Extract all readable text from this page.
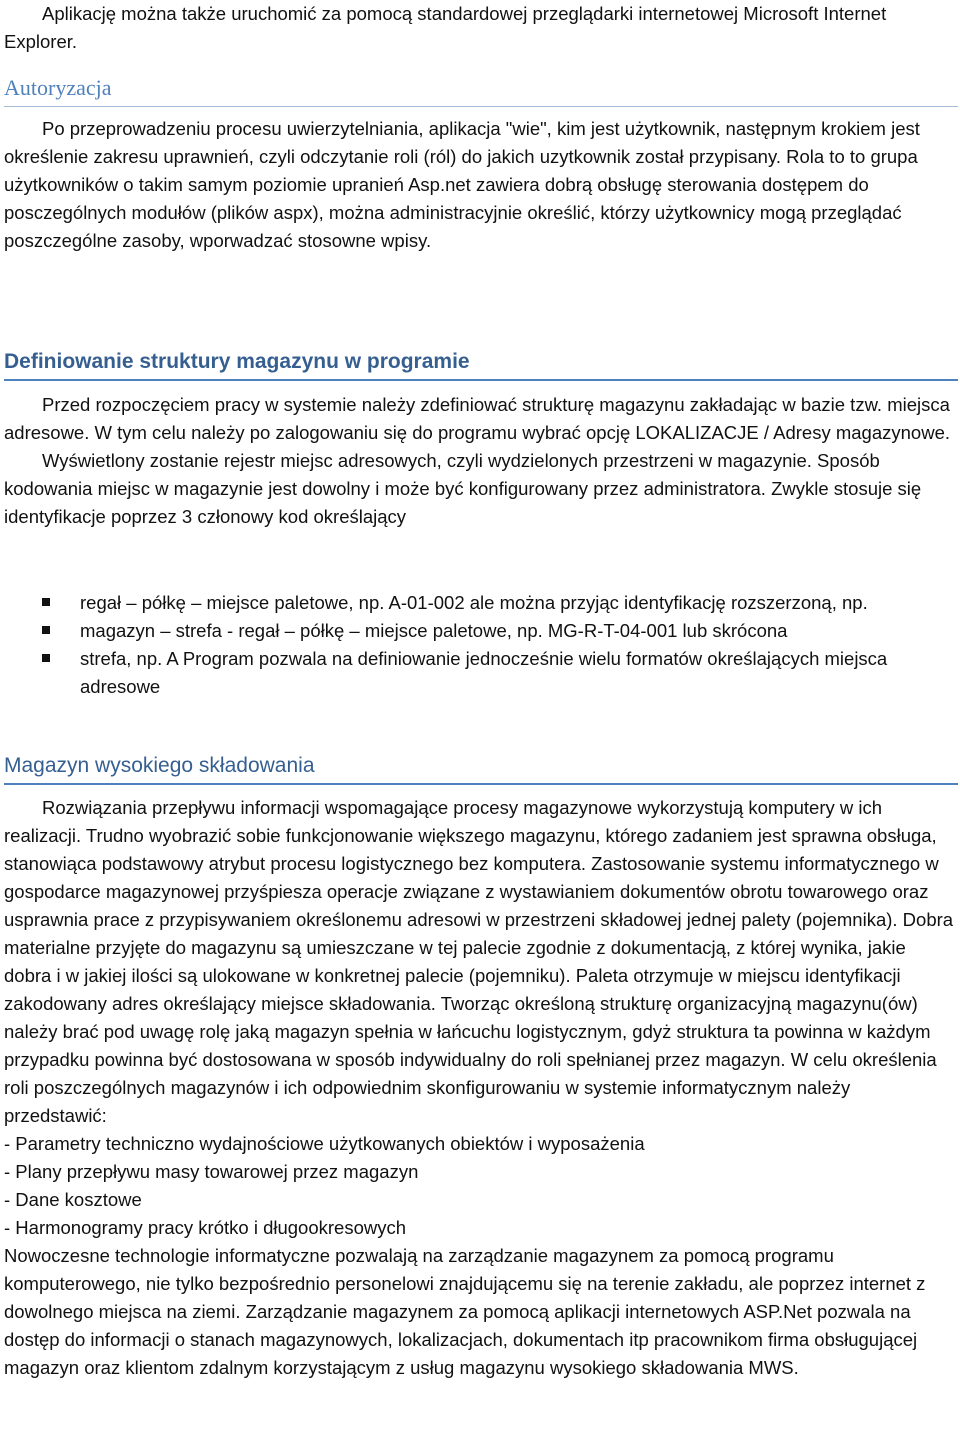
Aplikację można także uruchomić za pomocą standardowej przeglądarki internetowej Microsoft Internet Explorer.

Autoryzacja

Po przeprowadzeniu procesu uwierzytelniania, aplikacja "wie", kim jest użytkownik, następnym krokiem jest określenie zakresu uprawnień, czyli odczytanie roli (ról) do jakich uzytkownik został przypisany. Rola to to grupa użytkowników o takim samym poziomie upranień Asp.net zawiera dobrą obsługę sterowania dostępem do posczególnych modułów (plików aspx), można administracyjnie określić, którzy użytkownicy mogą przeglądać poszczególne zasoby, wporwadzać stosowne wpisy.

Definiowanie struktury magazynu w programie

Przed rozpoczęciem pracy w systemie należy zdefiniować strukturę magazynu zakładając w bazie tzw. miejsca adresowe. W tym celu należy po zalogowaniu się do programu wybrać opcję LOKALIZACJE / Adresy magazynowe.

Wyświetlony zostanie rejestr miejsc adresowych, czyli wydzielonych przestrzeni w magazynie. Sposób kodowania miejsc w magazynie jest dowolny i może być konfigurowany przez administratora. Zwykle stosuje się identyfikacje poprzez 3 członowy kod określający

regał – półkę – miejsce paletowe, np. A-01-002 ale można przyjąc identyfikację rozszerzoną, np.
magazyn – strefa - regał – półkę – miejsce paletowe, np. MG-R-T-04-001 lub skrócona
strefa, np. A Program pozwala na definiowanie jednocześnie wielu formatów określających miejsca adresowe
Magazyn wysokiego składowania

Rozwiązania przepływu informacji wspomagające procesy magazynowe wykorzystują komputery w ich realizacji. Trudno wyobrazić sobie funkcjonowanie większego magazynu, którego zadaniem jest sprawna obsługa, stanowiąca podstawowy atrybut procesu logistycznego bez komputera. Zastosowanie systemu informatycznego w gospodarce magazynowej przyśpiesza operacje związane z wystawianiem dokumentów obrotu towarowego oraz usprawnia prace z przypisywaniem określonemu adresowi w przestrzeni składowej jednej palety (pojemnika). Dobra materialne przyjęte do magazynu są umieszczane w tej palecie zgodnie z dokumentacją, z której wynika, jakie dobra i w jakiej ilości są ulokowane w konkretnej palecie (pojemniku). Paleta otrzymuje w miejscu identyfikacji zakodowany adres określający miejsce składowania. Tworząc określoną strukturę organizacyjną magazynu(ów) należy brać pod uwagę rolę jaką magazyn spełnia w łańcuchu logistycznym, gdyż struktura ta powinna w każdym przypadku powinna być dostosowana w sposób indywidualny do roli spełnianej przez magazyn. W celu określenia roli poszczególnych magazynów i ich odpowiednim skonfigurowaniu w systemie informatycznym należy przedstawić:

- Parametry techniczno wydajnościowe użytkowanych obiektów i wyposażenia

- Plany przepływu masy towarowej przez magazyn

- Dane kosztowe

- Harmonogramy pracy krótko i długookresowych

Nowoczesne technologie informatyczne pozwalają na zarządzanie magazynem za pomocą programu komputerowego, nie tylko bezpośrednio personelowi znajdującemu się na terenie zakładu, ale poprzez internet z dowolnego miejsca na ziemi. Zarządzanie magazynem za pomocą aplikacji internetowych ASP.Net pozwala na dostęp do informacji o stanach magazynowych, lokalizacjach, dokumentach itp pracownikom firma obsługującej magazyn oraz klientom zdalnym korzystającym z usług magazynu wysokiego składowania MWS.
